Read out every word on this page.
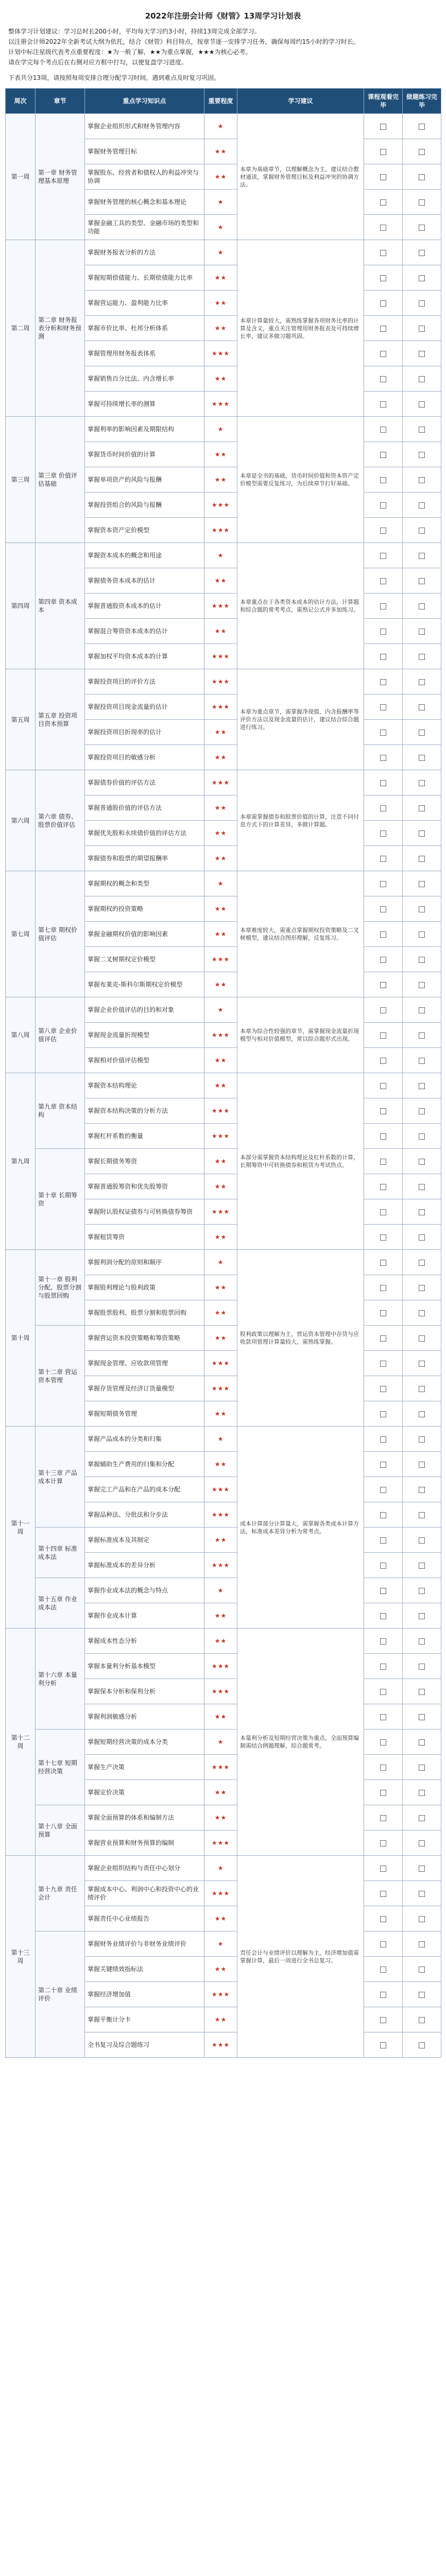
2022年注册会计师《财管》13周学习计划表

整体学习计划建议：学习总时长200小时，平均每天学习约3小时，持续13周完成全部学习。

以注册会计师2022年全新考试大纲为依托，结合《财管》科目特点，按章节逐一安排学习任务，确保每周约15小时的学习时长。

计划中标注星级代表考点重要程度：★为一般了解，★★为重点掌握，★★★为核心必考。

请在学完每个考点后在右侧对应方框中打勾，以便复盘学习进度。

下表共分13周，请按照每周安排合理分配学习时间，遇到难点及时复习巩固。
周次	章节	重点学习知识点	重要程度	学习建议	课程观看完毕	做题练习完毕
第一周	第一章 财务管理基本原理	掌握企业组织形式和财务管理内容	★	本章为基础章节，以理解概念为主，建议结合教材通读，掌握财务管理目标及利益冲突的协调方法。		
		掌握财务管理目标	★★			
		掌握股东、经营者和债权人的利益冲突与协调	★★			
		掌握财务管理的核心概念和基本理论	★			
		掌握金融工具的类型、金融市场的类型和功能	★			
第二周	第二章 财务报表分析和财务预测	掌握财务报表分析的方法	★	本章计算量较大，需熟练掌握各项财务比率的计算及含义，重点关注管理用财务报表及可持续增长率，建议多做习题巩固。		
		掌握短期偿债能力、长期偿债能力比率	★★			
		掌握营运能力、盈利能力比率	★★			
		掌握市价比率、杜邦分析体系	★★			
		掌握管理用财务报表体系	★★★			
		掌握销售百分比法、内含增长率	★★			
		掌握可持续增长率的测算	★★★			
第三周	第三章 价值评估基础	掌握利率的影响因素及期限结构	★	本章是全书的基础，货币时间价值和资本资产定价模型需要反复练习，为后续章节打好基础。		
		掌握货币时间价值的计算	★★			
		掌握单项资产的风险与报酬	★★			
		掌握投资组合的风险与报酬	★★★			
		掌握资本资产定价模型	★★★			
第四周	第四章 资本成本	掌握资本成本的概念和用途	★	本章重点在于各类资本成本的估计方法，计算题和综合题的常考考点，需熟记公式并多加练习。		
		掌握债务资本成本的估计	★★			
		掌握普通股资本成本的估计	★★★			
		掌握混合筹资资本成本的估计	★★			
		掌握加权平均资本成本的计算	★★★			
第五周	第五章 投资项目资本预算	掌握投资项目的评价方法	★★★	本章为重点章节，需掌握净现值、内含报酬率等评价方法以及现金流量的估计，建议结合综合题进行练习。		
		掌握投资项目现金流量的估计	★★★			
		掌握投资项目折现率的估计	★★			
		掌握投资项目的敏感分析	★★			
第六周	第六章 债券、股票价值评估	掌握债券价值的评估方法	★★★	本章需掌握债券和股票价值的计算，注意不同付息方式下的计算差异，多做计算题。		
		掌握普通股价值的评估方法	★★			
		掌握优先股和永续债价值的评估方法	★★			
		掌握债券和股票的期望报酬率	★★			
第七周	第七章 期权价值评估	掌握期权的概念和类型	★	本章难度较大，需重点掌握期权投资策略及二叉树模型，建议结合图形理解，反复练习。		
		掌握期权的投资策略	★★			
		掌握金融期权价值的影响因素	★★			
		掌握二叉树期权定价模型	★★★			
		掌握布莱克-斯科尔斯期权定价模型	★★			
第八周	第八章 企业价值评估	掌握企业价值评估的目的和对象	★	本章为综合性较强的章节，需掌握现金流量折现模型与相对价值模型，常以综合题形式出现。		
		掌握现金流量折现模型	★★★			
		掌握相对价值评估模型	★★			
第九周	第九章 资本结构	掌握资本结构理论	★★	本部分需掌握资本结构理论及杠杆系数的计算，长期筹资中可转换债券和租赁为考试热点。		
		掌握资本结构决策的分析方法	★★★			
		掌握杠杆系数的衡量	★★★			
	第十章 长期筹资	掌握长期债务筹资	★★			
		掌握普通股筹资和优先股筹资	★★			
		掌握附认股权证债券与可转换债券筹资	★★★			
		掌握租赁筹资	★★			
第十周	第十一章 股利分配、股票分割与股票回购	掌握利润分配的原则和顺序	★	股利政策以理解为主，营运资本管理中存货与应收款项管理计算量较大，需熟练掌握。		
		掌握股利理论与股利政策	★★			
		掌握股票股利、股票分割和股票回购	★★			
	第十二章 营运资本管理	掌握营运资本投资策略和筹资策略	★★			
		掌握现金管理、应收款项管理	★★★			
		掌握存货管理及经济订货量模型	★★★			
		掌握短期债务管理	★★			
第十一周	第十三章 产品成本计算	掌握产品成本的分类和归集	★	成本计算部分计算量大，需掌握各类成本计算方法，标准成本差异分析为常考点。		
		掌握辅助生产费用的归集和分配	★★			
		掌握完工产品和在产品的成本分配	★★★			
		掌握品种法、分批法和分步法	★★★			
	第十四章 标准成本法	掌握标准成本及其制定	★★			
		掌握标准成本的差异分析	★★★			
	第十五章 作业成本法	掌握作业成本法的概念与特点	★			
		掌握作业成本计算	★★			
第十二周	第十六章 本量利分析	掌握成本性态分析	★★	本量利分析及短期经营决策为重点，全面预算编制需结合例题理解，综合题常考。		
		掌握本量利分析基本模型	★★★			
		掌握保本分析和保利分析	★★★			
		掌握利润敏感分析	★★			
	第十七章 短期经营决策	掌握短期经营决策的成本分类	★			
		掌握生产决策	★★★			
		掌握定价决策	★★			
	第十八章 全面预算	掌握全面预算的体系和编制方法	★★			
		掌握营业预算和财务预算的编制	★★★			
第十三周	第十九章 责任会计	掌握企业组织结构与责任中心划分	★	责任会计与业绩评价以理解为主，经济增加值需掌握计算，最后一周进行全书总复习。		
		掌握成本中心、利润中心和投资中心的业绩评价	★★★			
		掌握责任中心业绩报告	★★			
	第二十章 业绩评价	掌握财务业绩评价与非财务业绩评价	★			
		掌握关键绩效指标法	★★			
		掌握经济增加值	★★★			
		掌握平衡计分卡	★★			
		全书复习及综合题练习	★★★			
